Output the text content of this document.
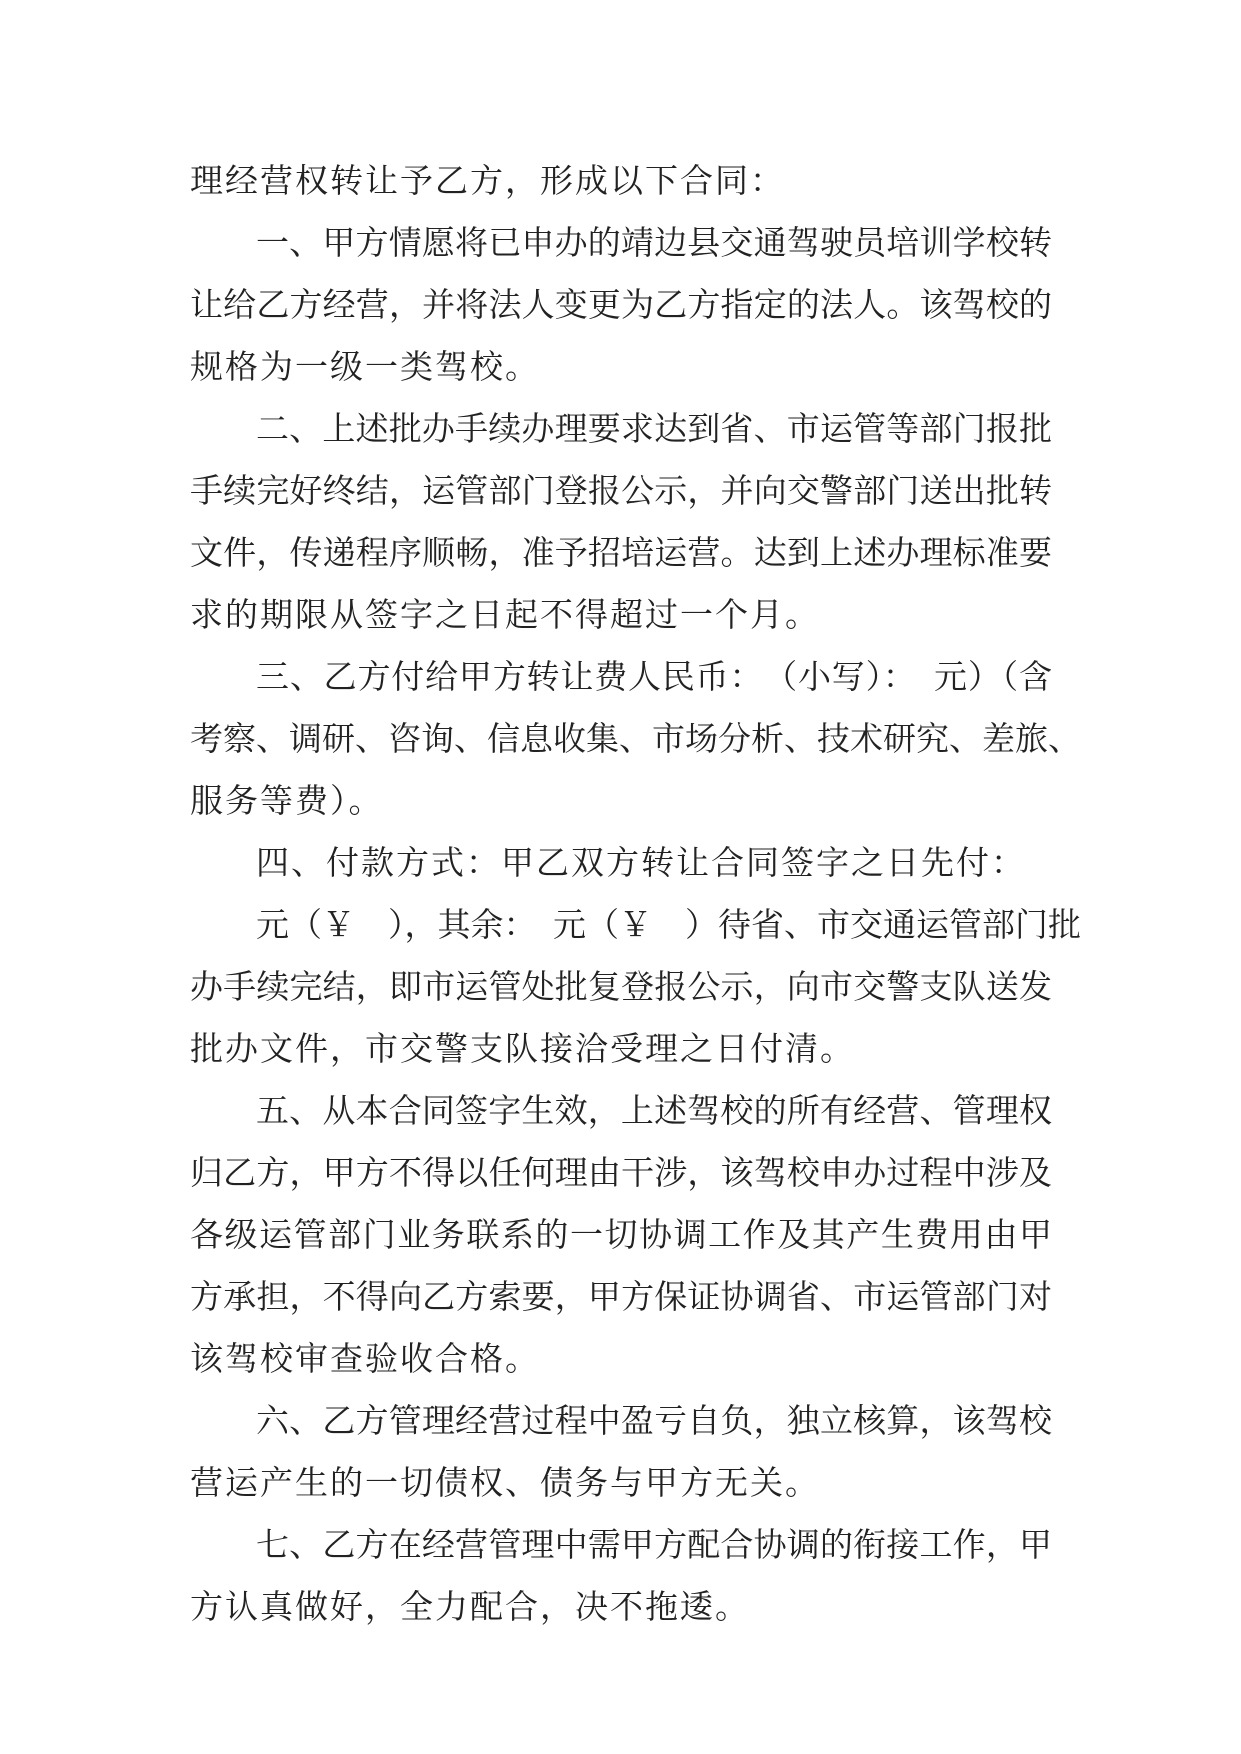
理经营权转让予乙方，形成以下合同：
一、甲方情愿将已申办的靖边县交通驾驶员培训学校转
让给乙方经营，并将法人变更为乙方指定的法人。该驾校的
规格为一级一类驾校。
二、上述批办手续办理要求达到省、市运管等部门报批
手续完好终结，运管部门登报公示，并向交警部门送出批转
文件，传递程序顺畅，准予招培运营。达到上述办理标准要
求的期限从签字之日起不得超过一个月。
三、乙方付给甲方转让费人民币：　（小写）：　元）（含
考察、调研、咨询、信息收集、市场分析、技术研究、差旅、
服务等费）。
四、付款方式：甲乙双方转让合同签字之日先付：
元（￥　），其余：　元（￥　）待省、市交通运管部门批
办手续完结，即市运管处批复登报公示，向市交警支队送发
批办文件，市交警支队接洽受理之日付清。
五、从本合同签字生效，上述驾校的所有经营、管理权
归乙方，甲方不得以任何理由干涉，该驾校申办过程中涉及
各级运管部门业务联系的一切协调工作及其产生费用由甲
方承担，不得向乙方索要，甲方保证协调省、市运管部门对
该驾校审查验收合格。
六、乙方管理经营过程中盈亏自负，独立核算，该驾校
营运产生的一切债权、债务与甲方无关。
七、乙方在经营管理中需甲方配合协调的衔接工作，甲
方认真做好，全力配合，决不拖逶。
